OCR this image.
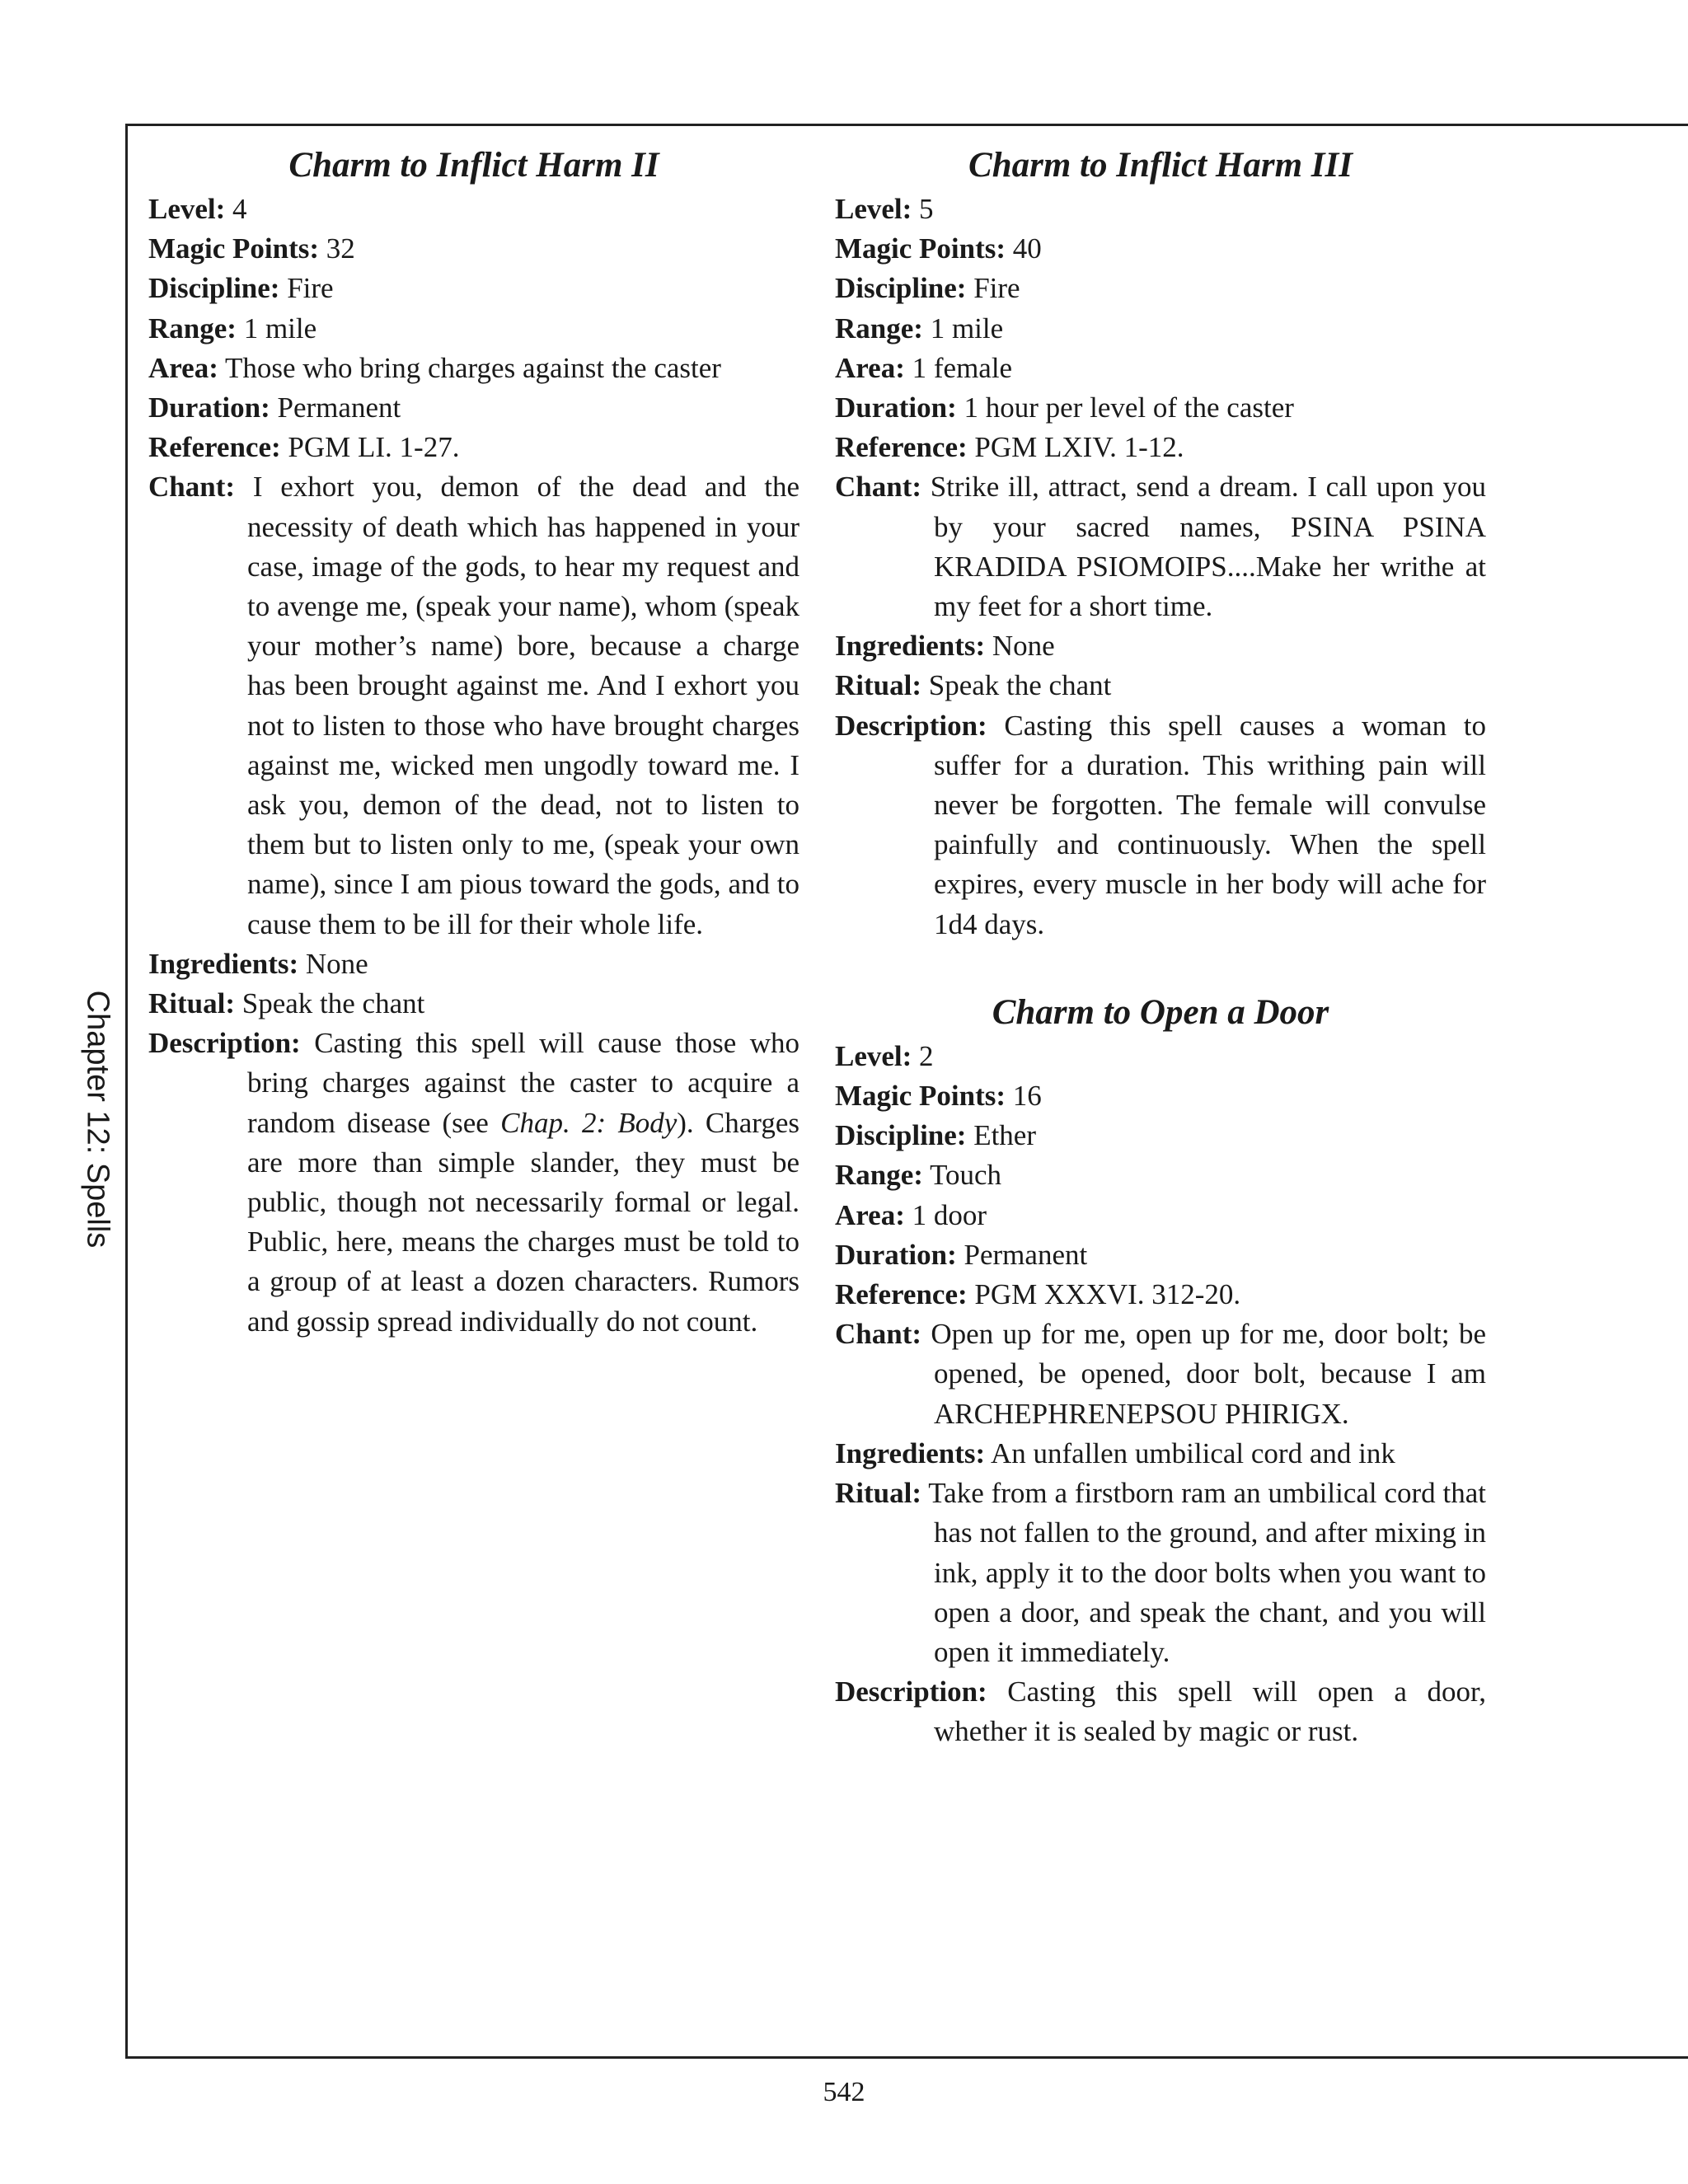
Chapter 12: Spells
Charm to Inflict Harm II

Level: 4

Magic Points: 32

Discipline: Fire

Range: 1 mile

Area: Those who bring charges against the caster

Duration: Permanent

Reference: PGM LI. 1-27.

Chant: I exhort you, demon of the dead and the necessity of death which has happened in your case, image of the gods, to hear my request and to avenge me, (speak your name), whom (speak your mother’s name) bore, because a charge has been brought against me. And I exhort you not to listen to those who have brought charges against me, wicked men ungodly toward me. I ask you, demon of the dead, not to listen to them but to listen only to me, (speak your own name), since I am pious toward the gods, and to cause them to be ill for their whole life.

Ingredients: None

Ritual: Speak the chant

Description: Casting this spell will cause those who bring charges against the caster to acquire a random disease (see Chap. 2: Body). Charges are more than simple slander, they must be public, though not necessarily formal or legal. Public, here, means the charges must be told to a group of at least a dozen characters. Rumors and gossip spread individually do not count.

Charm to Inflict Harm III

Level: 5

Magic Points: 40

Discipline: Fire

Range: 1 mile

Area: 1 female

Duration: 1 hour per level of the caster

Reference: PGM LXIV. 1-12.

Chant: Strike ill, attract, send a dream. I call upon you by your sacred names, PSINA PSINA KRADIDA PSIOMOIPS....Make her writhe at my feet for a short time.

Ingredients: None

Ritual: Speak the chant

Description: Casting this spell causes a woman to suffer for a duration. This writhing pain will never be forgotten. The female will convulse painfully and continuously. When the spell expires, every muscle in her body will ache for 1d4 days.

Charm to Open a Door

Level: 2

Magic Points: 16

Discipline: Ether

Range: Touch

Area: 1 door

Duration: Permanent

Reference: PGM XXXVI. 312-20.

Chant: Open up for me, open up for me, door bolt; be opened, be opened, door bolt, because I am ARCHEPHRENEPSOU PHIRIGX.

Ingredients: An unfallen umbilical cord and ink

Ritual: Take from a firstborn ram an umbilical cord that has not fallen to the ground, and after mixing in ink, apply it to the door bolts when you want to open a door, and speak the chant, and you will open it immediately.

Description: Casting this spell will open a door, whether it is sealed by magic or rust.

542
